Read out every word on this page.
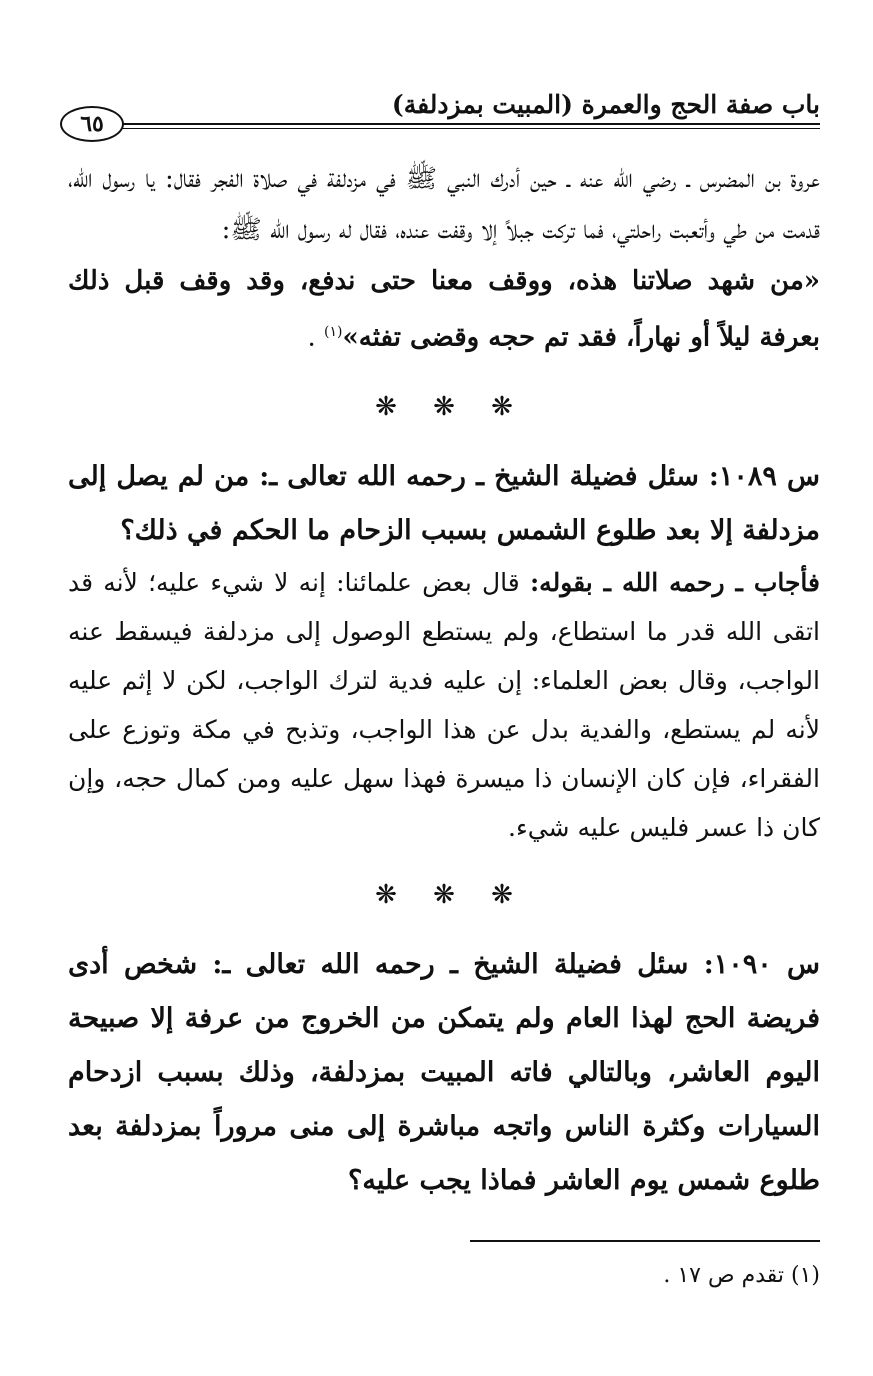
باب صفة الحج والعمرة (المبيت بمزدلفة)
٦٥

عروة بن المضرس ـ رضي الله عنه ـ حين أدرك النبي ﷺ في مزدلفة في صلاة الفجر فقال: يا رسول الله، قدمت من طي وأتعبت راحلتي، فما تركت جبلاً إلا وقفت عنده، فقال له رسول الله ﷺ:
«من شهد صلاتنا هذه، ووقف معنا حتى ندفع، وقد وقف قبل ذلك بعرفة ليلاً أو نهاراً، فقد تم حجه وقضى تفثه»$^{(١)}$ .

❋❋❋

س ١٠٨٩: سئل فضيلة الشيخ ـ رحمه الله تعالى ـ: من لم يصل إلى مزدلفة إلا بعد طلوع الشمس بسبب الزحام ما الحكم في ذلك؟

فأجاب ـ رحمه الله ـ بقوله: قال بعض علمائنا: إنه لا شيء عليه؛ لأنه قد اتقى الله قدر ما استطاع، ولم يستطع الوصول إلى مزدلفة فيسقط عنه الواجب، وقال بعض العلماء: إن عليه فدية لترك الواجب، لكن لا إثم عليه لأنه لم يستطع، والفدية بدل عن هذا الواجب، وتذبح في مكة وتوزع على الفقراء، فإن كان الإنسان ذا ميسرة فهذا سهل عليه ومن كمال حجه، وإن كان ذا عسر فليس عليه شيء.

❋❋❋

س ١٠٩٠: سئل فضيلة الشيخ ـ رحمه الله تعالى ـ: شخص أدى فريضة الحج لهذا العام ولم يتمكن من الخروج من عرفة إلا صبيحة اليوم العاشر، وبالتالي فاته المبيت بمزدلفة، وذلك بسبب ازدحام السيارات وكثرة الناس واتجه مباشرة إلى منى مروراً بمزدلفة بعد طلوع شمس يوم العاشر فماذا يجب عليه؟

(١) تقدم ص ١٧ .
